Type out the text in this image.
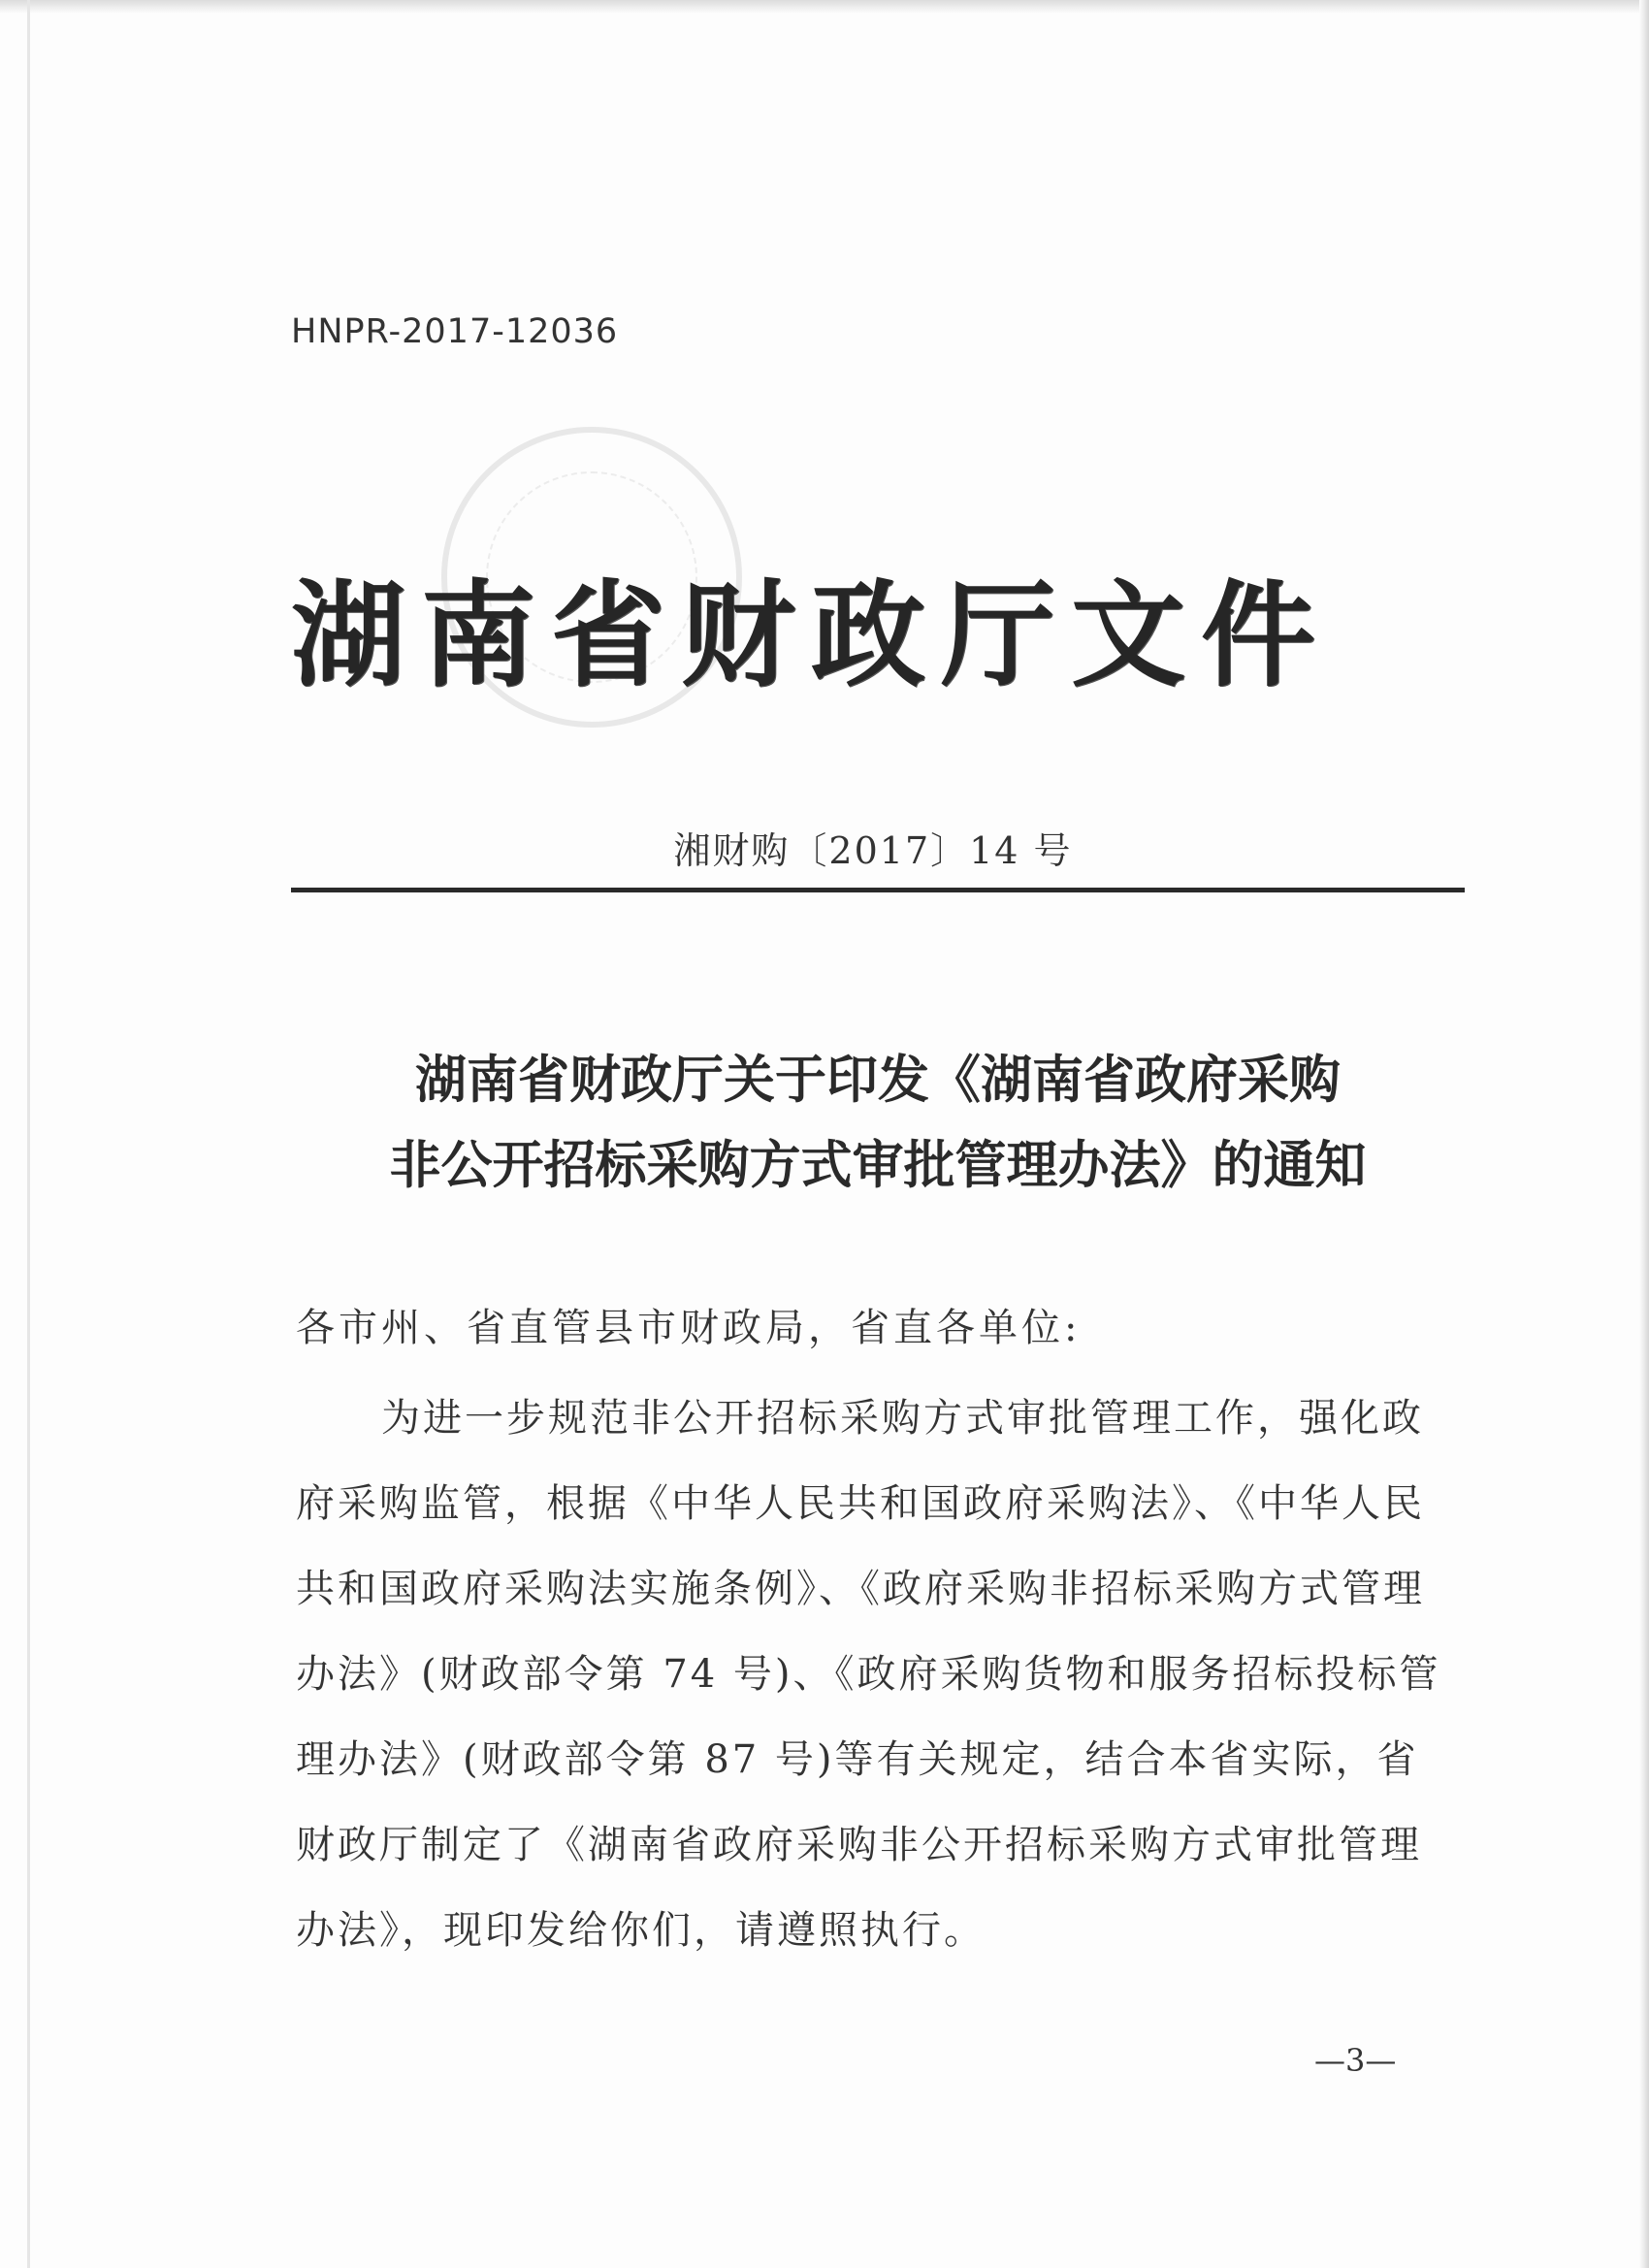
HNPR-2017-12036
湖南省财政厅文件
湘财购〔2017〕14 号
湖南省财政厅关于印发《湖南省政府采购
非公开招标采购方式审批管理办法》的通知
各市州、省直管县市财政局，省直各单位:
为进一步规范非公开招标采购方式审批管理工作，强化政
府采购监管，根据《中华人民共和国政府采购法》、《中华人民
共和国政府采购法实施条例》、《政府采购非招标采购方式管理
办法》(财政部令第 74 号)、《政府采购货物和服务招标投标管
理办法》(财政部令第 87 号)等有关规定，结合本省实际，省
财政厅制定了《湖南省政府采购非公开招标采购方式审批管理
办法》，现印发给你们，请遵照执行。
—3—
